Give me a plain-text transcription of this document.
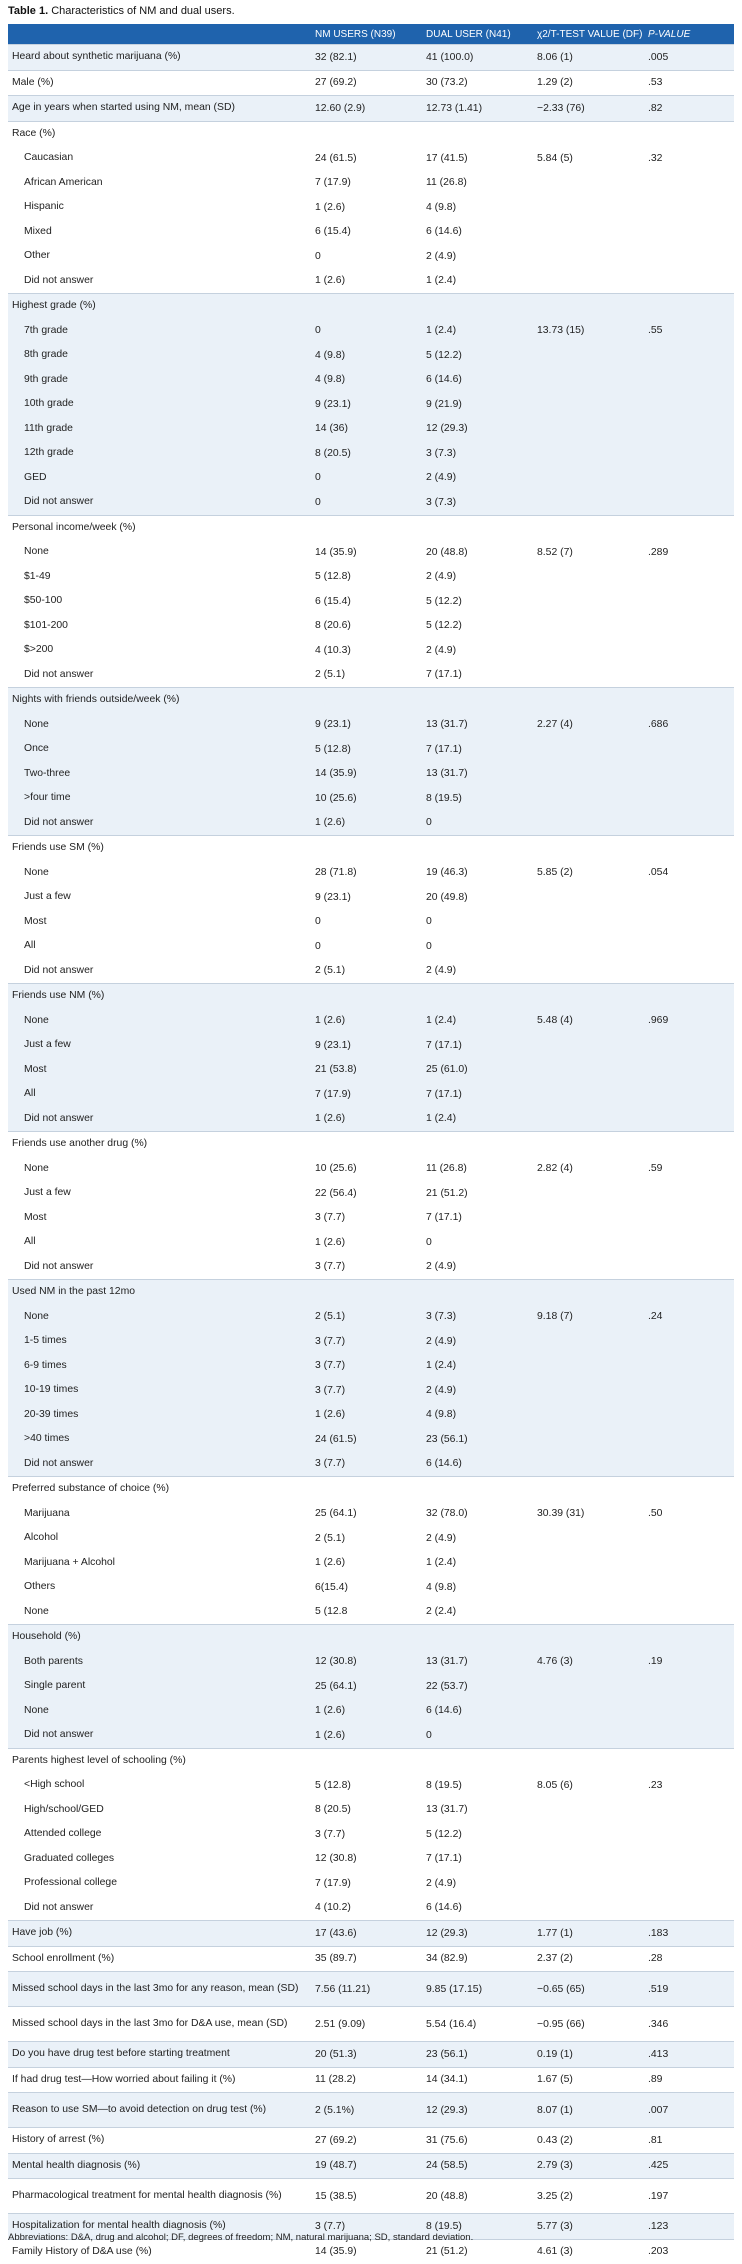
Table 1. Characteristics of NM and dual users.
	NM USERS (N39)	DUAL USER (N41)	χ2/T-TEST VALUE (DF)	P-VALUE
Heard about synthetic marijuana (%)	32 (82.1)	41 (100.0)	8.06 (1)	.005
Male (%)	27 (69.2)	30 (73.2)	1.29 (2)	.53
Age in years when started using NM, mean (SD)	12.60 (2.9)	12.73 (1.41)	−2.33 (76)	.82
Race (%)				
Caucasian	24 (61.5)	17 (41.5)	5.84 (5)	.32
African American	7 (17.9)	11 (26.8)		
Hispanic	1 (2.6)	4 (9.8)		
Mixed	6 (15.4)	6 (14.6)		
Other	0	2 (4.9)		
Did not answer	1 (2.6)	1 (2.4)		
Highest grade (%)				
7th grade	0	1 (2.4)	13.73 (15)	.55
8th grade	4 (9.8)	5 (12.2)		
9th grade	4 (9.8)	6 (14.6)		
10th grade	9 (23.1)	9 (21.9)		
11th grade	14 (36)	12 (29.3)		
12th grade	8 (20.5)	3 (7.3)		
GED	0	2 (4.9)		
Did not answer	0	3 (7.3)		
Personal income/week (%)				
None	14 (35.9)	20 (48.8)	8.52 (7)	.289
$1-49	5 (12.8)	2 (4.9)		
$50-100	6 (15.4)	5 (12.2)		
$101-200	8 (20.6)	5 (12.2)		
$>200	4 (10.3)	2 (4.9)		
Did not answer	2 (5.1)	7 (17.1)		
Nights with friends outside/week (%)				
None	9 (23.1)	13 (31.7)	2.27 (4)	.686
Once	5 (12.8)	7 (17.1)		
Two-three	14 (35.9)	13 (31.7)		
>four time	10 (25.6)	8 (19.5)		
Did not answer	1 (2.6)	0		
Friends use SM (%)				
None	28 (71.8)	19 (46.3)	5.85 (2)	.054
Just a few	9 (23.1)	20 (49.8)		
Most	0	0		
All	0	0		
Did not answer	2 (5.1)	2 (4.9)		
Friends use NM (%)				
None	1 (2.6)	1 (2.4)	5.48 (4)	.969
Just a few	9 (23.1)	7 (17.1)		
Most	21 (53.8)	25 (61.0)		
All	7 (17.9)	7 (17.1)		
Did not answer	1 (2.6)	1 (2.4)		
Friends use another drug (%)				
None	10 (25.6)	11 (26.8)	2.82 (4)	.59
Just a few	22 (56.4)	21 (51.2)		
Most	3 (7.7)	7 (17.1)		
All	1 (2.6)	0		
Did not answer	3 (7.7)	2 (4.9)		
Used NM in the past 12mo				
None	2 (5.1)	3 (7.3)	9.18 (7)	.24
1-5 times	3 (7.7)	2 (4.9)		
6-9 times	3 (7.7)	1 (2.4)		
10-19 times	3 (7.7)	2 (4.9)		
20-39 times	1 (2.6)	4 (9.8)		
>40 times	24 (61.5)	23 (56.1)		
Did not answer	3 (7.7)	6 (14.6)		
Preferred substance of choice (%)				
Marijuana	25 (64.1)	32 (78.0)	30.39 (31)	.50
Alcohol	2 (5.1)	2 (4.9)		
Marijuana + Alcohol	1 (2.6)	1 (2.4)		
Others	6(15.4)	4 (9.8)		
None	5 (12.8	2 (2.4)		
Household (%)				
Both parents	12 (30.8)	13 (31.7)	4.76 (3)	.19
Single parent	25 (64.1)	22 (53.7)		
None	1 (2.6)	6 (14.6)		
Did not answer	1 (2.6)	0		
Parents highest level of schooling (%)				
<High school	5 (12.8)	8 (19.5)	8.05 (6)	.23
High/school/GED	8 (20.5)	13 (31.7)		
Attended college	3 (7.7)	5 (12.2)		
Graduated colleges	12 (30.8)	7 (17.1)		
Professional college	7 (17.9)	2 (4.9)		
Did not answer	4 (10.2)	6 (14.6)		
Have job (%)	17 (43.6)	12 (29.3)	1.77 (1)	.183
School enrollment (%)	35 (89.7)	34 (82.9)	2.37 (2)	.28
Missed school days in the last 3mo for any reason, mean (SD)	7.56 (11.21)	9.85 (17.15)	−0.65 (65)	.519
Missed school days in the last 3mo for D&A use, mean (SD)	2.51 (9.09)	5.54 (16.4)	−0.95 (66)	.346
Do you have drug test before starting treatment	20 (51.3)	23 (56.1)	0.19 (1)	.413
If had drug test—How worried about failing it (%)	11 (28.2)	14 (34.1)	1.67 (5)	.89
Reason to use SM—to avoid detection on drug test (%)	2 (5.1%)	12 (29.3)	8.07 (1)	.007
History of arrest (%)	27 (69.2)	31 (75.6)	0.43 (2)	.81
Mental health diagnosis (%)	19 (48.7)	24 (58.5)	2.79 (3)	.425
Pharmacological treatment for mental health diagnosis (%)	15 (38.5)	20 (48.8)	3.25 (2)	.197
Hospitalization for mental health diagnosis (%)	3 (7.7)	8 (19.5)	5.77 (3)	.123
Family History of D&A use (%)	14 (35.9)	21 (51.2)	4.61 (3)	.203
Abbreviations: D&A, drug and alcohol; DF, degrees of freedom; NM, natural marijuana; SD, standard deviation.
